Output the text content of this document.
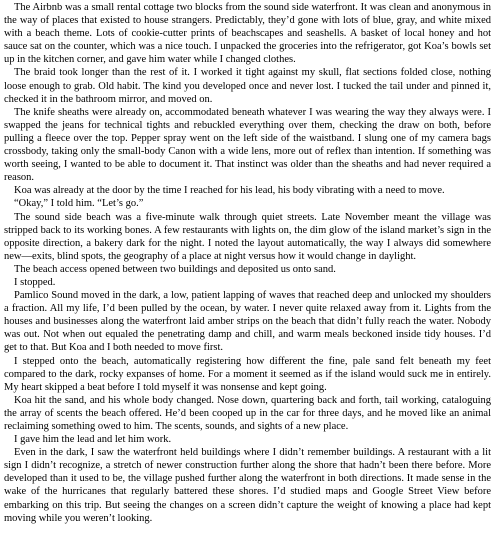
The Airbnb was a small rental cottage two blocks from the sound side waterfront. It was clean and anonymous in the way of places that existed to house strangers. Predictably, they’d gone with lots of blue, gray, and white mixed with a beach theme. Lots of cookie-cutter prints of beachscapes and seashells. A basket of local honey and hot sauce sat on the counter, which was a nice touch. I unpacked the groceries into the refrigerator, got Koa’s bowls set up in the kitchen corner, and gave him water while I changed clothes.

The braid took longer than the rest of it. I worked it tight against my skull, flat sections folded close, nothing loose enough to grab. Old habit. The kind you developed once and never lost. I tucked the tail under and pinned it, checked it in the bathroom mirror, and moved on.

The knife sheaths were already on, accommodated beneath whatever I was wearing the way they always were. I swapped the jeans for technical tights and rebuckled everything over them, checking the draw on both, before pulling a fleece over the top. Pepper spray went on the left side of the waistband. I slung one of my camera bags crossbody, taking only the small-body Canon with a wide lens, more out of reflex than intention. If something was worth seeing, I wanted to be able to document it. That instinct was older than the sheaths and had never required a reason.

Koa was already at the door by the time I reached for his lead, his body vibrating with a need to move.

“Okay,” I told him. “Let’s go.”

The sound side beach was a five-minute walk through quiet streets. Late November meant the village was stripped back to its working bones. A few restaurants with lights on, the dim glow of the island market’s sign in the opposite direction, a bakery dark for the night. I noted the layout automatically, the way I always did somewhere new—exits, blind spots, the geography of a place at night versus how it would change in daylight.

The beach access opened between two buildings and deposited us onto sand.

I stopped.

Pamlico Sound moved in the dark, a low, patient lapping of waves that reached deep and unlocked my shoulders a fraction. All my life, I’d been pulled by the ocean, by water. I never quite relaxed away from it. Lights from the houses and businesses along the waterfront laid amber strips on the beach that didn’t fully reach the water. Nobody was out. Not when out equaled the penetrating damp and chill, and warm meals beckoned inside tidy houses. I’d get to that. But Koa and I both needed to move first.

I stepped onto the beach, automatically registering how different the fine, pale sand felt beneath my feet compared to the dark, rocky expanses of home. For a moment it seemed as if the island would suck me in entirely. My heart skipped a beat before I told myself it was nonsense and kept going.

Koa hit the sand, and his whole body changed. Nose down, quartering back and forth, tail working, cataloguing the array of scents the beach offered. He’d been cooped up in the car for three days, and he moved like an animal reclaiming something owed to him. The scents, sounds, and sights of a new place.

I gave him the lead and let him work.

Even in the dark, I saw the waterfront held buildings where I didn’t remember buildings. A restaurant with a lit sign I didn’t recognize, a stretch of newer construction further along the shore that hadn’t been there before. More developed than it used to be, the village pushed further along the waterfront in both directions. It made sense in the wake of the hurricanes that regularly battered these shores. I’d studied maps and Google Street View before embarking on this trip. But seeing the changes on a screen didn’t capture the weight of knowing a place had kept moving while you weren’t looking.
